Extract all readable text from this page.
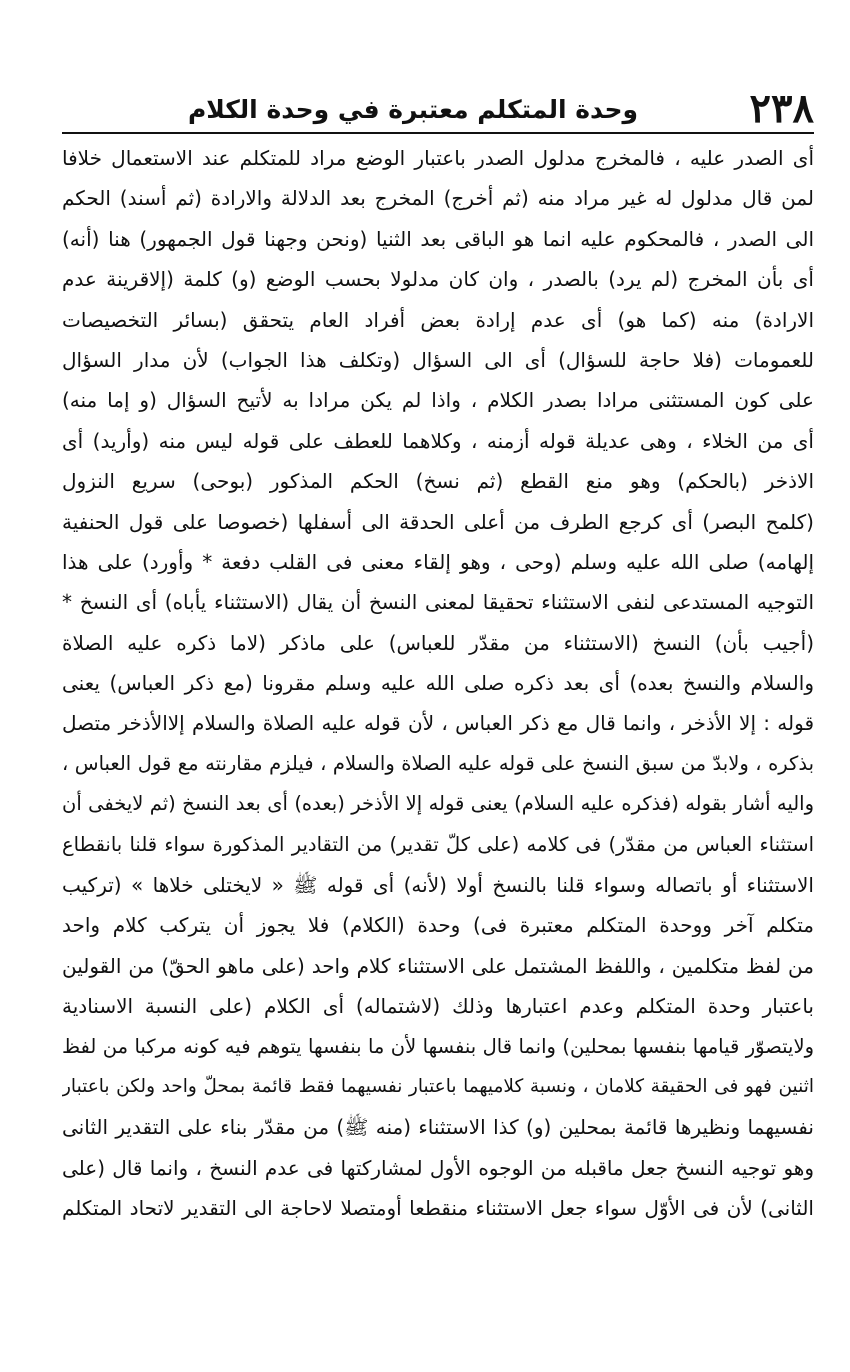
٢٣٨
وحدة المتكلم معتبرة في وحدة الكلام
أى الصدر عليه ، فالمخرج مدلول الصدر باعتبار الوضع مراد للمتكلم عند الاستعمال خلافا
لمن قال مدلول له غير مراد منه (ثم أخرج) المخرج بعد الدلالة والارادة (ثم أسند) الحكم
الى الصدر ، فالمحكوم عليه انما هو الباقى بعد الثنيا (ونحن وجهنا قول الجمهور) هنا (أنه)
أى بأن المخرج (لم يرد) بالصدر ، وان كان مدلولا بحسب الوضع (و) كلمة (إلاقرينة عدم
الارادة) منه (كما هو) أى عدم إرادة بعض أفراد العام يتحقق (بسائر التخصيصات
للعمومات (فلا حاجة للسؤال) أى الى السؤال (وتكلف هذا الجواب) لأن مدار السؤال
على كون المستثنى مرادا بصدر الكلام ، واذا لم يكن مرادا به لأتيح السؤال (و إما منه)
أى من الخلاء ، وهى عديلة قوله أزمنه ، وكلاهما للعطف على قوله ليس منه (وأريد) أى
الاذخر (بالحكم) وهو منع القطع (ثم نسخ) الحكم المذكور (بوحى) سريع النزول
(كلمح البصر) أى كرجع الطرف من أعلى الحدقة الى أسفلها (خصوصا على قول الحنفية
إلهامه) صلى الله عليه وسلم (وحى ، وهو إلقاء معنى فى القلب دفعة * وأورد) على هذا
التوجيه المستدعى لنفى الاستثناء تحقيقا لمعنى النسخ أن يقال (الاستثناء يأباه) أى النسخ *
(أجيب بأن) النسخ (الاستثناء من مقدّر للعباس) على ماذكر (لاما ذكره عليه الصلاة
والسلام والنسخ بعده) أى بعد ذكره صلى الله عليه وسلم مقرونا (مع ذكر العباس) يعنى
قوله : إلا الأذخر ، وانما قال مع ذكر العباس ، لأن قوله عليه الصلاة والسلام إلاالأذخر متصل
بذكره ، ولابدّ من سبق النسخ على قوله عليه الصلاة والسلام ، فيلزم مقارنته مع قول العباس ،
واليه أشار بقوله (فذكره عليه السلام) يعنى قوله إلا الأذخر (بعده) أى بعد النسخ (ثم لايخفى أن
استثناء العباس من مقدّر) فى كلامه (على كلّ تقدير) من التقادير المذكورة سواء قلنا بانقطاع
الاستثناء أو باتصاله وسواء قلنا بالنسخ أولا (لأنه) أى قوله ﷺ « لايختلى خلاها » (تركيب
متكلم آخر ووحدة المتكلم معتبرة فى) وحدة (الكلام) فلا يجوز أن يتركب كلام واحد
من لفظ متكلمين ، واللفظ المشتمل على الاستثناء كلام واحد (على ماهو الحقّ) من القولين
باعتبار وحدة المتكلم وعدم اعتبارها وذلك (لاشتماله) أى الكلام (على النسبة الاسنادية
ولايتصوّر قيامها بنفسها بمحلين) وانما قال بنفسها لأن ما بنفسها يتوهم فيه كونه مركبا من لفظ
اثنين فهو فى الحقيقة كلامان ، ونسبة كلاميهما باعتبار نفسيهما فقط قائمة بمحلّ واحد ولكن باعتبار
نفسيهما ونظيرها قائمة بمحلين (و) كذا الاستثناء (منه ﷺ) من مقدّر بناء على التقدير الثانى
وهو توجيه النسخ جعل ماقبله من الوجوه الأول لمشاركتها فى عدم النسخ ، وانما قال (على
الثانى) لأن فى الأوّل سواء جعل الاستثناء منقطعا أومتصلا لاحاجة الى التقدير لاتحاد المتكلم
